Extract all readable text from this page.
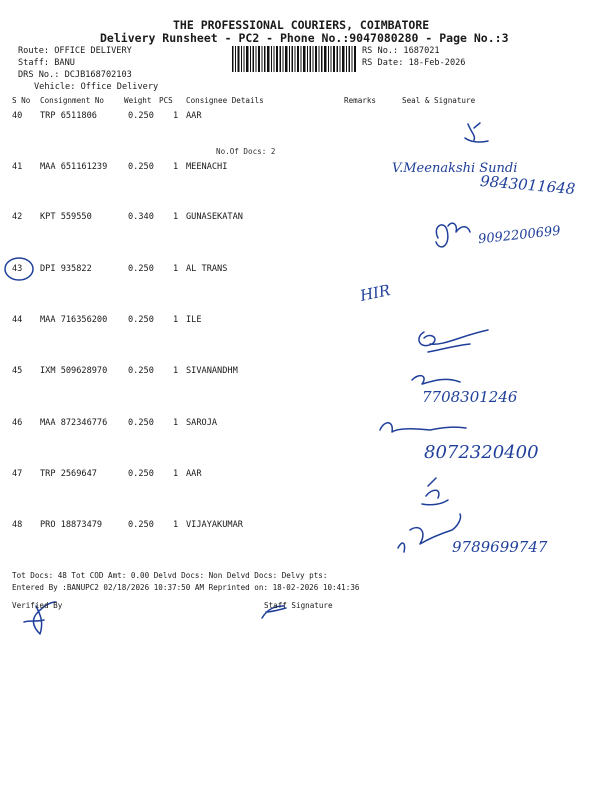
THE PROFESSIONAL COURIERS, COIMBATORE
Delivery Runsheet - PC2 - Phone No.:9047080280 - Page No.:3
Route: OFFICE DELIVERY
Staff: BANU
DRS No.: DCJB168702103
Vehicle: Office Delivery
RS No.: 1687021
RS Date: 18-Feb-2026
S No Consignment No	Weight PCS Consignee Details	Remarks	Seal & Signature
40 TRP 6511806	0.250 1 AAR
No.Of Docs: 2
41 MAA 651161239 0.250 1 MEENACHI
42 KPT 559550	0.340 1 GUNASEKATAN
43 DPI 935822	0.250 1 AL TRANS
44 MAA 716356200 0.250 1 ILE
45 IXM 509628970 0.250 1 SIVANANDHM
46 MAA 872346776 0.250 1 SAROJA
47 TRP 2569647	0.250 1 AAR
48 PRO 18873479	0.250 1 VIJAYAKUMAR
V.Meenakshi Sundi
9843011648
9092200699
HIR
7708301246
8072320400
9789699747
Tot Docs: 48 Tot COD Amt: 0.00 Delvd Docs: Non Delvd Docs: Delvy pts:
Entered By :BANUPC2 02/18/2026 10:37:50 AM Reprinted on: 18-02-2026 10:41:36
Verified By	Staff Signature
